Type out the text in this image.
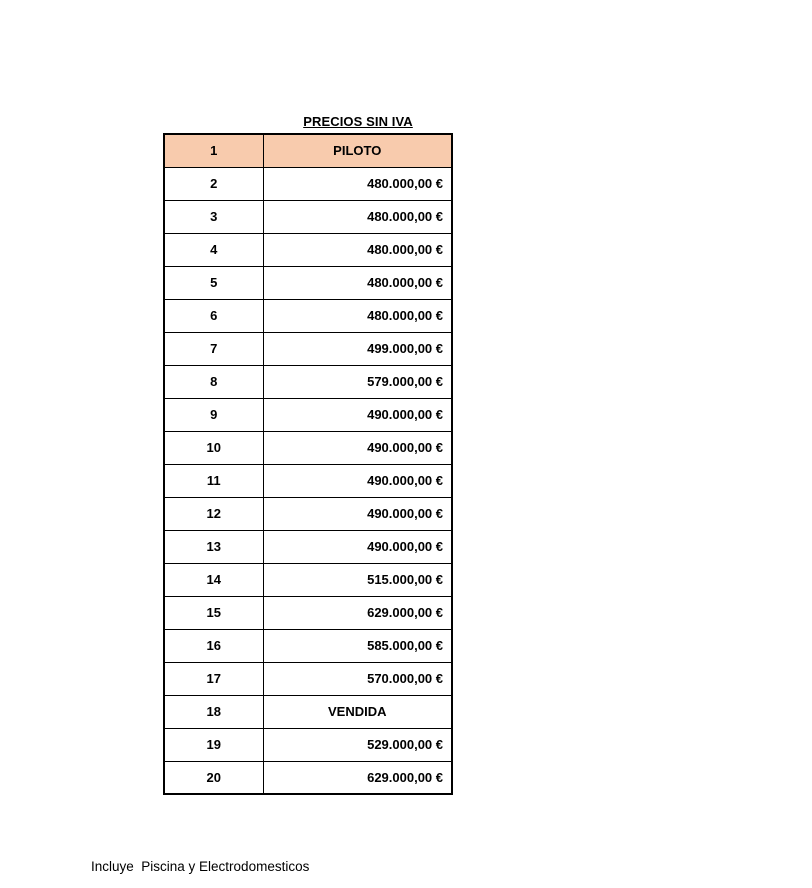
PRECIOS SIN IVA
1	PILOTO
2	480.000,00 €
3	480.000,00 €
4	480.000,00 €
5	480.000,00 €
6	480.000,00 €
7	499.000,00 €
8	579.000,00 €
9	490.000,00 €
10	490.000,00 €
11	490.000,00 €
12	490.000,00 €
13	490.000,00 €
14	515.000,00 €
15	629.000,00 €
16	585.000,00 €
17	570.000,00 €
18	VENDIDA
19	529.000,00 €
20	629.000,00 €
Incluye  Piscina y Electrodomesticos
